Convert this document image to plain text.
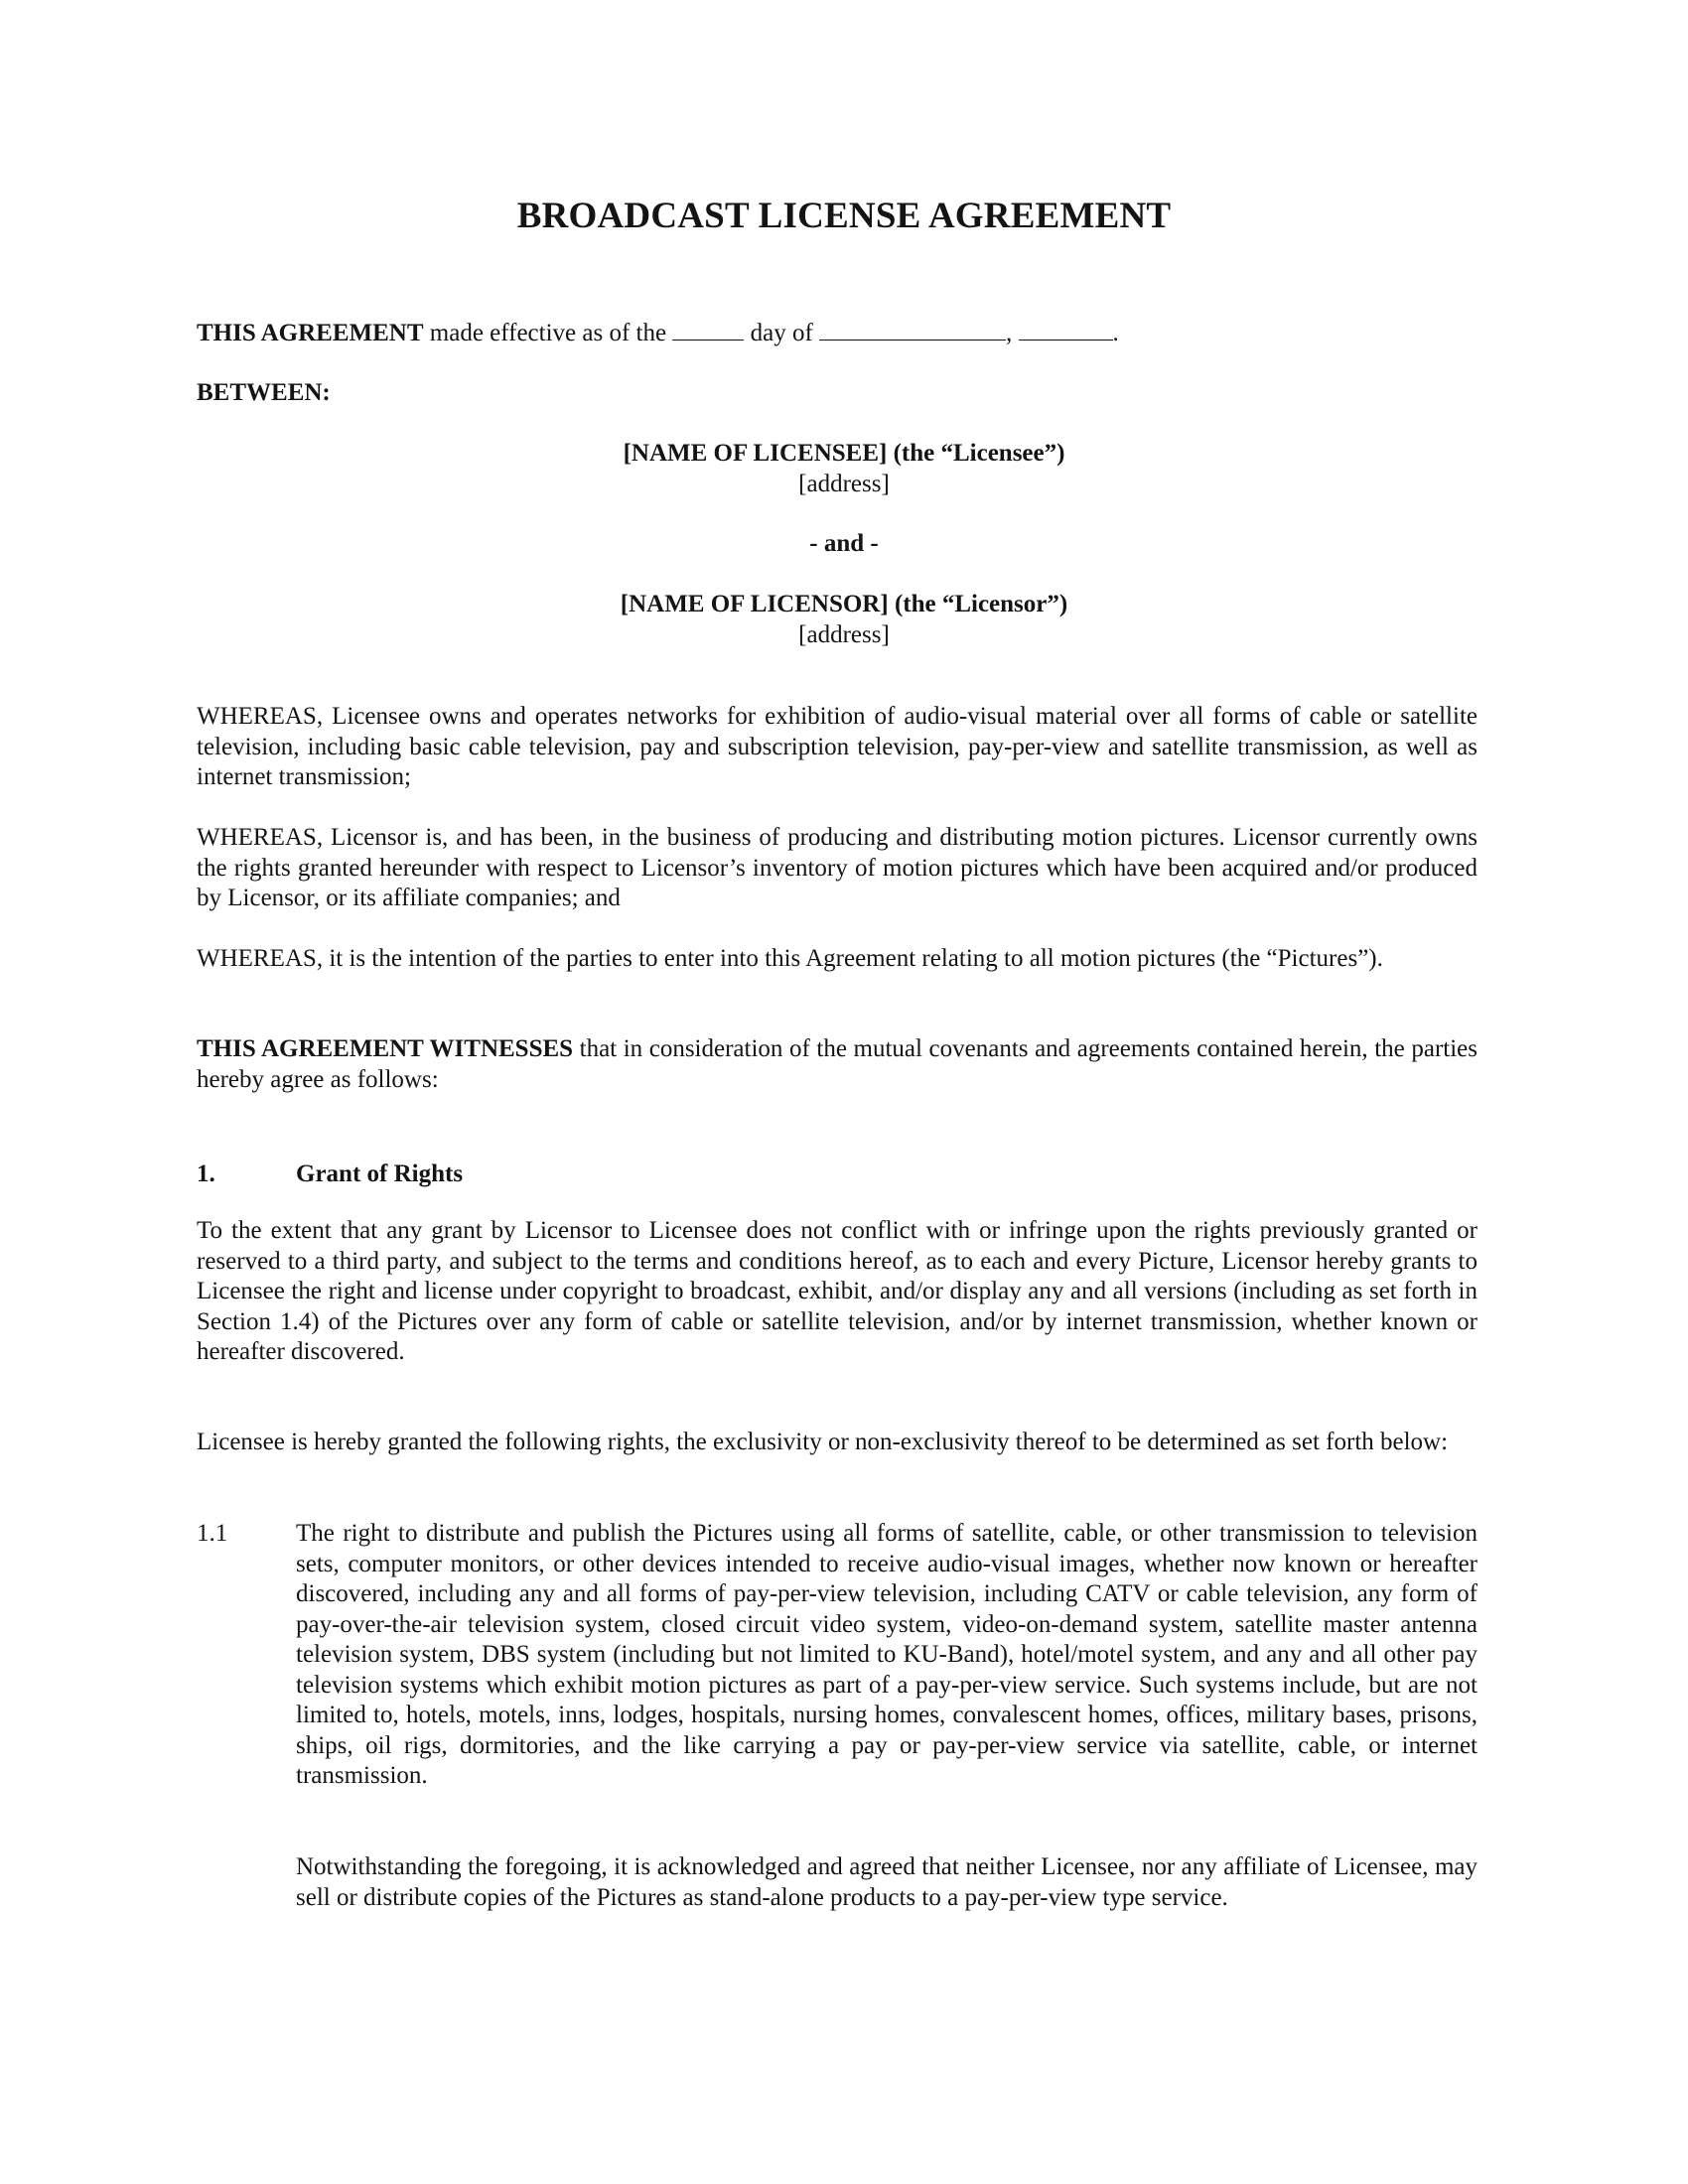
BROADCAST LICENSE AGREEMENT
THIS AGREEMENT made effective as of the	day of	,	.
BETWEEN:
[NAME OF LICENSEE] (the “Licensee”)
[address]
- and -
[NAME OF LICENSOR] (the “Licensor”)
[address]

WHEREAS, Licensee owns and operates networks for exhibition of audio-visual material over all forms of cable or satellite television, including basic cable television, pay and subscription television, pay-per-view and satellite transmission, as well as internet transmission;

WHEREAS, Licensor is, and has been, in the business of producing and distributing motion pictures. Licensor currently owns the rights granted hereunder with respect to Licensor’s inventory of motion pictures which have been acquired and/or produced by Licensor, or its affiliate companies; and

WHEREAS, it is the intention of the parties to enter into this Agreement relating to all motion pictures (the “Pictures”).

THIS AGREEMENT WITNESSES that in consideration of the mutual covenants and agreements contained herein, the parties hereby agree as follows:

1.	Grant of Rights

To the extent that any grant by Licensor to Licensee does not conflict with or infringe upon the rights previously granted or reserved to a third party, and subject to the terms and conditions hereof, as to each and every Picture, Licensor hereby grants to Licensee the right and license under copyright to broadcast, exhibit, and/or display any and all versions (including as set forth in Section 1.4) of the Pictures over any form of cable or satellite television, and/or by internet transmission, whether known or hereafter discovered.

Licensee is hereby granted the following rights, the exclusivity or non-exclusivity thereof to be determined as set forth below:

1.1	The right to distribute and publish the Pictures using all forms of satellite, cable, or other transmission to television sets, computer monitors, or other devices intended to receive audio-visual images, whether now known or hereafter discovered, including any and all forms of pay-per-view television, including CATV or cable television, any form of pay-over-the-air television system, closed circuit video system, video-on-demand system, satellite master antenna television system, DBS system (including but not limited to KU-Band), hotel/motel system, and any and all other pay television systems which exhibit motion pictures as part of a pay-per-view service. Such systems include, but are not limited to, hotels, motels, inns, lodges, hospitals, nursing homes, convalescent homes, offices, military bases, prisons, ships, oil rigs, dormitories, and the like carrying a pay or pay-per-view service via satellite, cable, or internet transmission.

Notwithstanding the foregoing, it is acknowledged and agreed that neither Licensee, nor any affiliate of Licensee, may sell or distribute copies of the Pictures as stand-alone products to a pay-per-view type service.
